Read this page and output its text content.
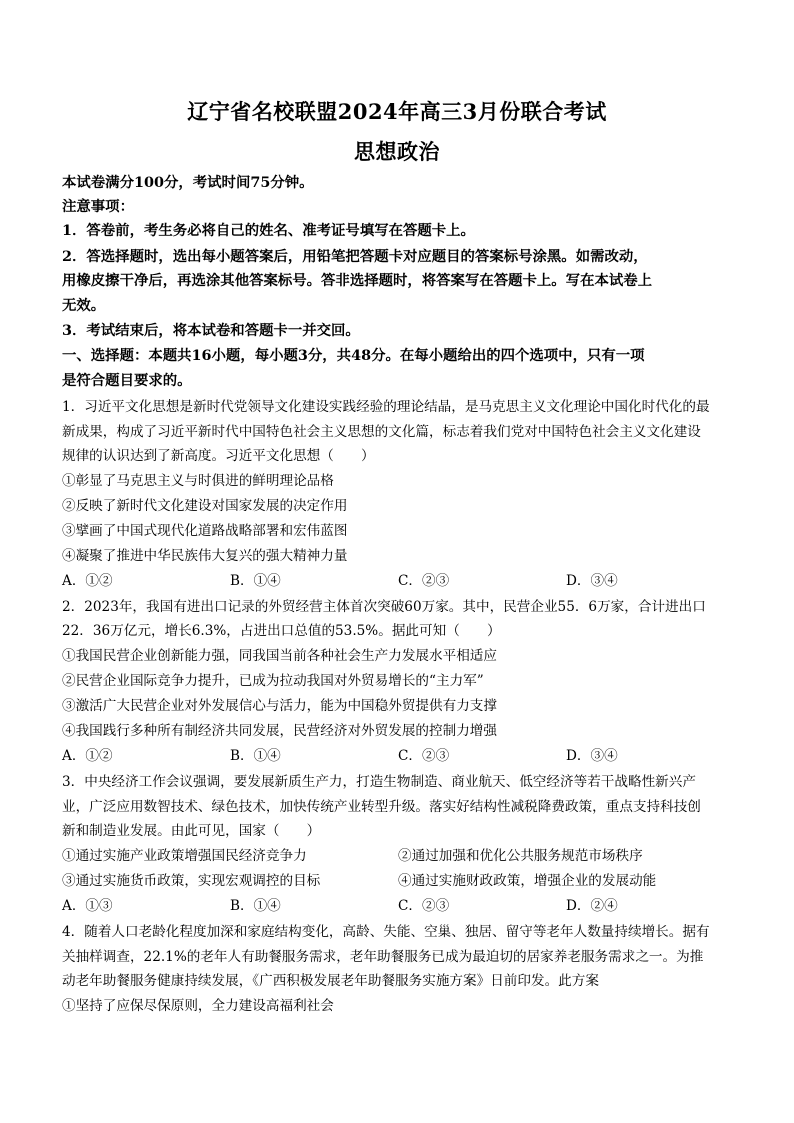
辽宁省名校联盟2024年高三3月份联合考试
思想政治
本试卷满分100分，考试时间75分钟。
注意事项：
1．答卷前，考生务必将自己的姓名、准考证号填写在答题卡上。
2．答选择题时，选出每小题答案后，用铅笔把答题卡对应题目的答案标号涂黑。如需改动，
用橡皮擦干净后，再选涂其他答案标号。答非选择题时，将答案写在答题卡上。写在本试卷上
无效。
3．考试结束后，将本试卷和答题卡一并交回。
一、选择题：本题共16小题，每小题3分，共48分。在每小题给出的四个选项中，只有一项
是符合题目要求的。
1．习近平文化思想是新时代党领导文化建设实践经验的理论结晶，是马克思主义文化理论中国化时代化的最
新成果，构成了习近平新时代中国特色社会主义思想的文化篇，标志着我们党对中国特色社会主义文化建设
规律的认识达到了新高度。习近平文化思想（　　）
①彰显了马克思主义与时俱进的鲜明理论品格
②反映了新时代文化建设对国家发展的决定作用
③擘画了中国式现代化道路战略部署和宏伟蓝图
④凝聚了推进中华民族伟大复兴的强大精神力量
A．①②	B．①④	C．②③	D．③④
2．2023年，我国有进出口记录的外贸经营主体首次突破60万家。其中，民营企业55．6万家，合计进出口
22．36万亿元，增长6.3%，占进出口总值的53.5%。据此可知（　　）
①我国民营企业创新能力强，同我国当前各种社会生产力发展水平相适应
②民营企业国际竞争力提升，已成为拉动我国对外贸易增长的“主力军”
③激活广大民营企业对外发展信心与活力，能为中国稳外贸提供有力支撑
④我国践行多种所有制经济共同发展，民营经济对外贸发展的控制力增强
A．①②	B．①④	C．②③	D．③④
3．中央经济工作会议强调，要发展新质生产力，打造生物制造、商业航天、低空经济等若干战略性新兴产
业，广泛应用数智技术、绿色技术，加快传统产业转型升级。落实好结构性减税降费政策，重点支持科技创
新和制造业发展。由此可见，国家（　　）
①通过实施产业政策增强国民经济竞争力	②通过加强和优化公共服务规范市场秩序
③通过实施货币政策，实现宏观调控的目标	④通过实施财政政策，增强企业的发展动能
A．①③	B．①④	C．②③	D．②④
4．随着人口老龄化程度加深和家庭结构变化，高龄、失能、空巢、独居、留守等老年人数量持续增长。据有
关抽样调查，22.1%的老年人有助餐服务需求，老年助餐服务已成为最迫切的居家养老服务需求之一。为推
动老年助餐服务健康持续发展，《广西积极发展老年助餐服务实施方案》日前印发。此方案
①坚持了应保尽保原则，全力建设高福利社会
